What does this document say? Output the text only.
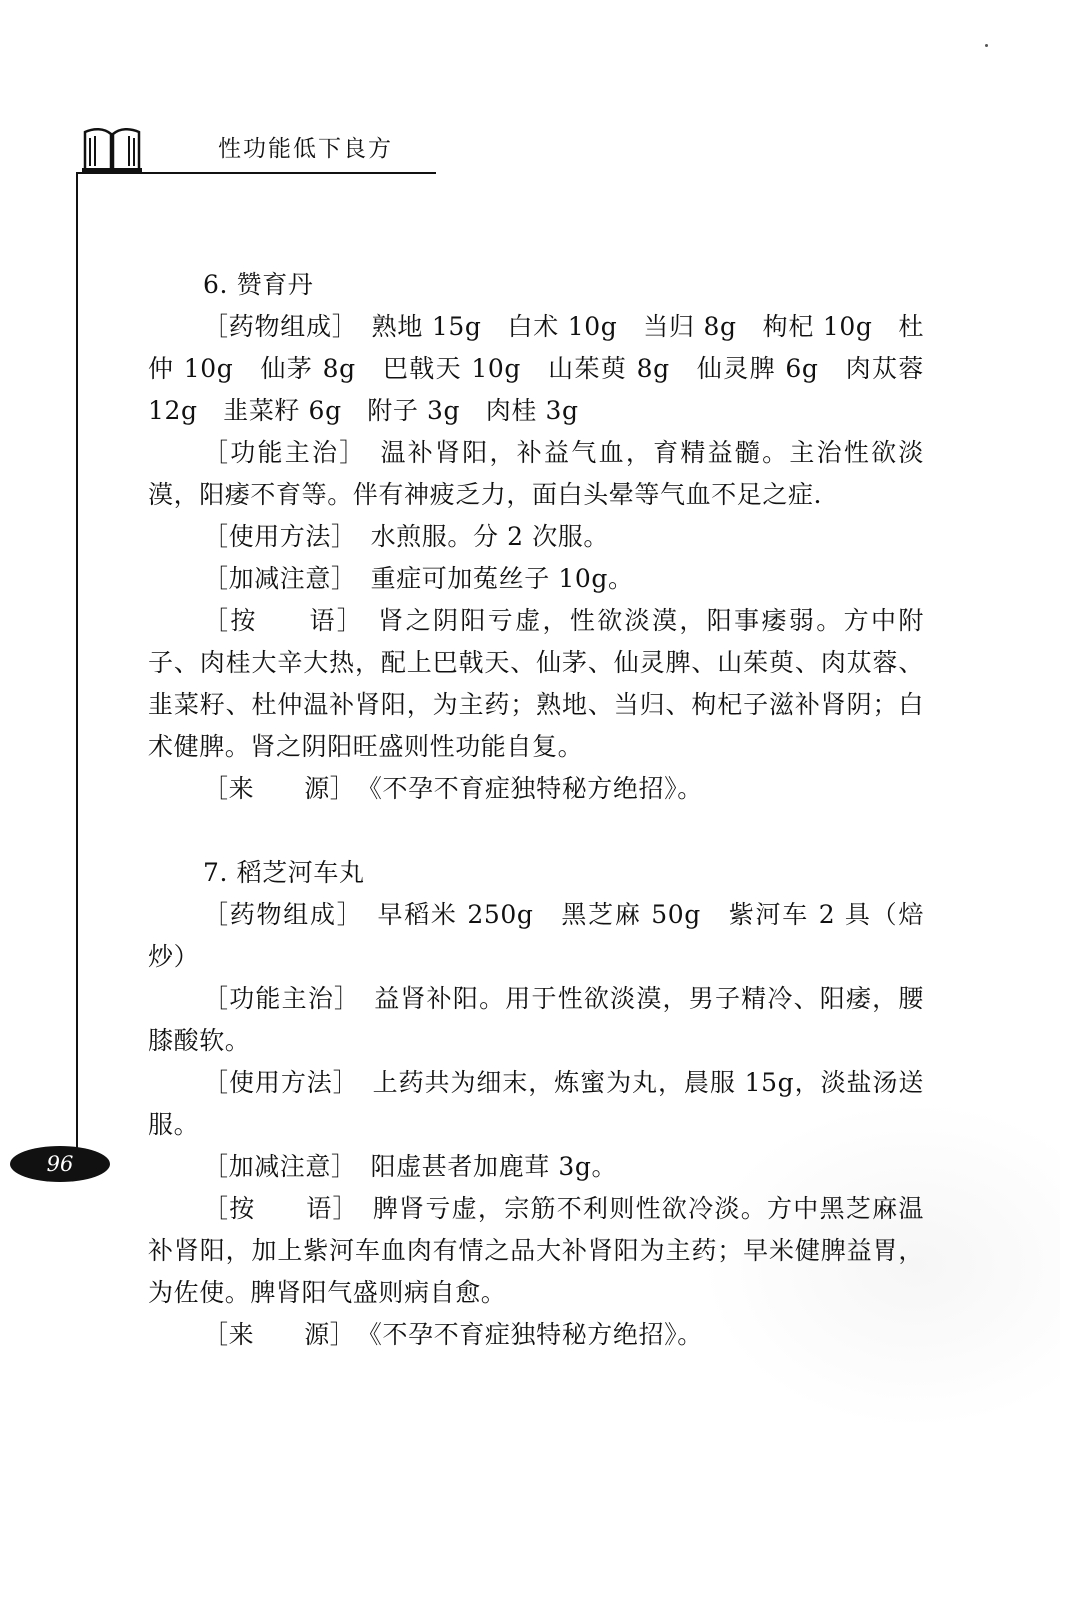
性功能低下良方
96

6. 赞育丹

［药物组成］ 熟地 15g　白术 10g　当归 8g　枸杞 10g　杜仲 10g　仙茅 8g　巴戟天 10g　山茱萸 8g　仙灵脾 6g　肉苁蓉 12g　韭菜籽 6g　附子 3g　肉桂 3g

［功能主治］ 温补肾阳，补益气血，育精益髓。主治性欲淡漠，阳痿不育等。伴有神疲乏力，面白头晕等气血不足之症．

［使用方法］ 水煎服。分 2 次服。

［加减注意］ 重症可加菟丝子 10g。

［按 语］ 肾之阴阳亏虚，性欲淡漠，阳事痿弱。方中附子、肉桂大辛大热，配上巴戟天、仙茅、仙灵脾、山茱萸、肉苁蓉、韭菜籽、杜仲温补肾阳，为主药；熟地、当归、枸杞子滋补肾阴；白术健脾。肾之阴阳旺盛则性功能自复。

［来 源］ 《不孕不育症独特秘方绝招》。

7. 稻芝河车丸

［药物组成］ 早稻米 250g　黑芝麻 50g　紫河车 2 具（焙炒）

［功能主治］ 益肾补阳。用于性欲淡漠，男子精冷、阳痿，腰膝酸软。

［使用方法］ 上药共为细末，炼蜜为丸，晨服 15g，淡盐汤送服。

［加减注意］ 阳虚甚者加鹿茸 3g。

［按 语］ 脾肾亏虚，宗筋不利则性欲冷淡。方中黑芝麻温补肾阳，加上紫河车血肉有情之品大补肾阳为主药；早米健脾益胃，为佐使。脾肾阳气盛则病自愈。

［来 源］ 《不孕不育症独特秘方绝招》。
